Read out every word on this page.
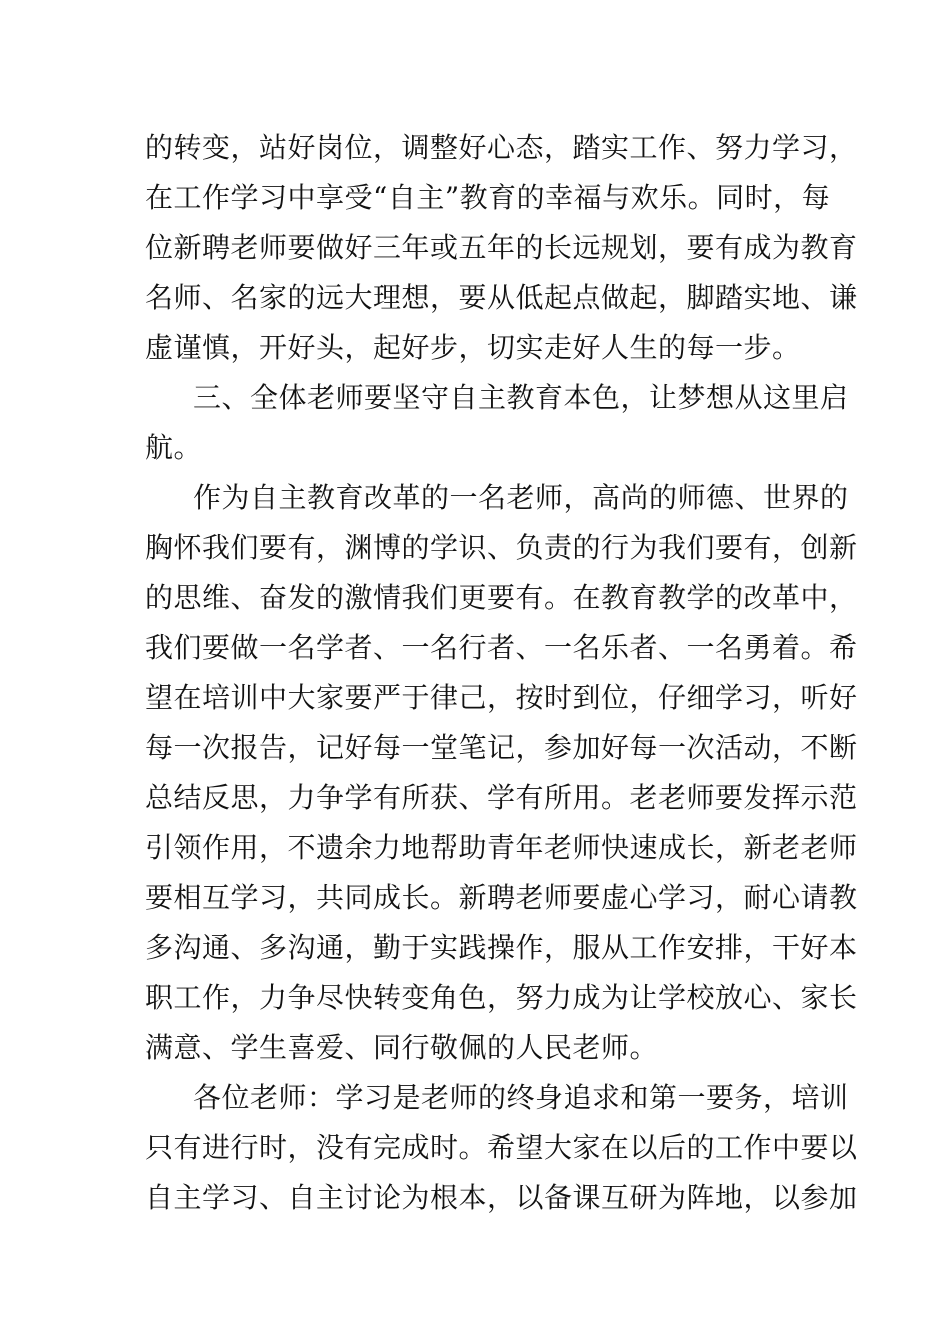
的转变，站好岗位，调整好心态，踏实工作、努力学习，
在工作学习中享受“自主”教育的幸福与欢乐。同时，每
位新聘老师要做好三年或五年的长远规划，要有成为教育
名师、名家的远大理想，要从低起点做起，脚踏实地、谦
虚谨慎，开好头，起好步，切实走好人生的每一步。
三、全体老师要坚守自主教育本色，让梦想从这里启
航。
作为自主教育改革的一名老师，高尚的师德、世界的
胸怀我们要有，渊博的学识、负责的行为我们要有，创新
的思维、奋发的激情我们更要有。在教育教学的改革中，
我们要做一名学者、一名行者、一名乐者、一名勇着。希
望在培训中大家要严于律己，按时到位，仔细学习，听好
每一次报告，记好每一堂笔记，参加好每一次活动，不断
总结反思，力争学有所获、学有所用。老老师要发挥示范
引领作用，不遗余力地帮助青年老师快速成长，新老老师
要相互学习，共同成长。新聘老师要虚心学习，耐心请教
多沟通、多沟通，勤于实践操作，服从工作安排，干好本
职工作，力争尽快转变角色，努力成为让学校放心、家长
满意、学生喜爱、同行敬佩的人民老师。
各位老师：学习是老师的终身追求和第一要务，培训
只有进行时，没有完成时。希望大家在以后的工作中要以
自主学习、自主讨论为根本，以备课互研为阵地，以参加
